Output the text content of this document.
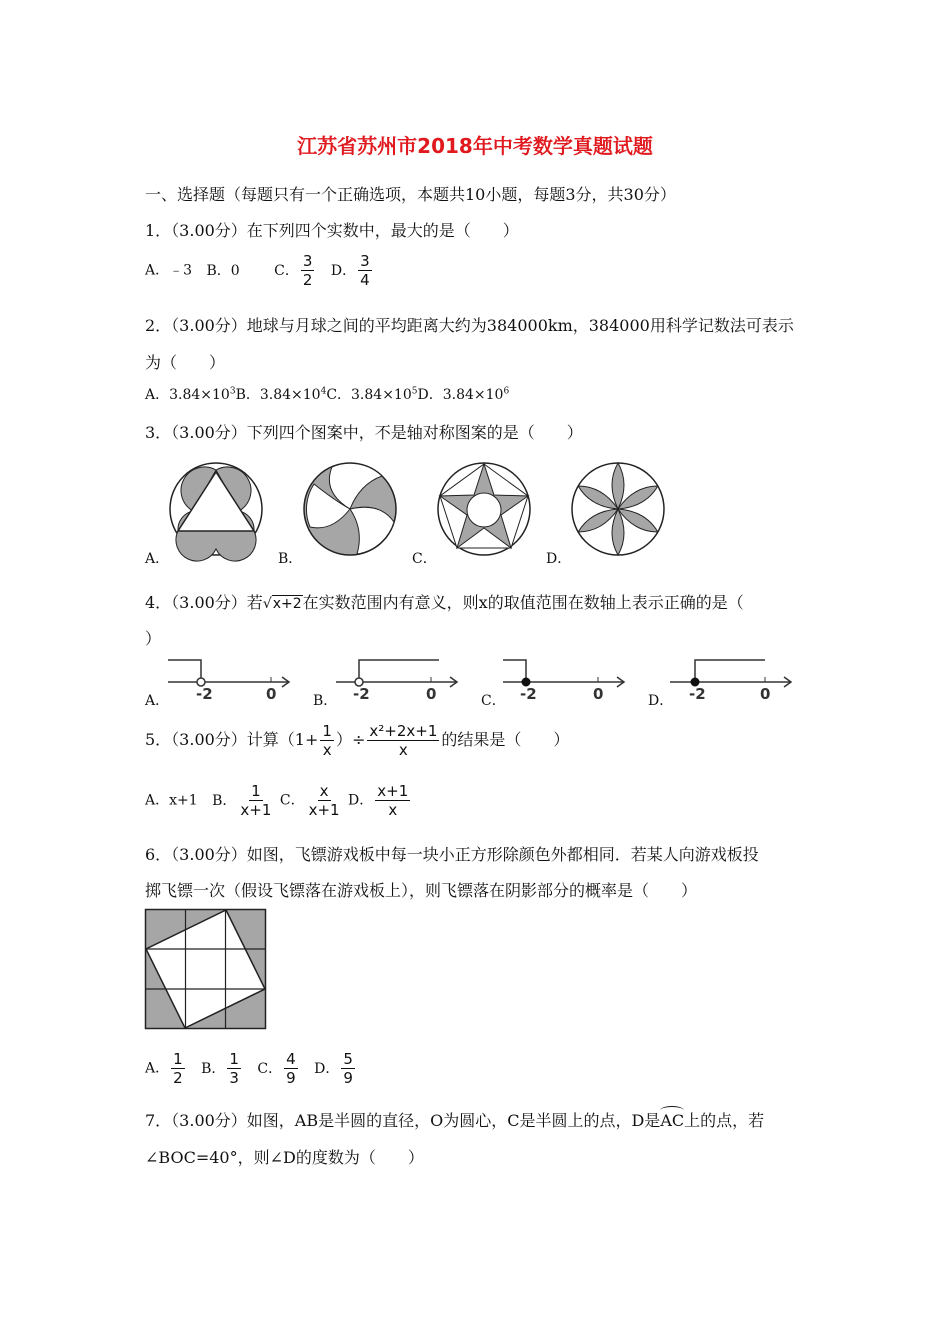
江苏省苏州市2018年中考数学真题试题
一、选择题（每题只有一个正确选项，本题共10小题，每题3分，共30分）
1．（3.00分）在下列四个实数中，最大的是（　　）
A．﹣3 B．0 C． $\frac{3}{2}$ D． $\frac{3}{4}$
2．（3.00分）地球与月球之间的平均距离大约为384000km，384000用科学记数法可表示
为（　　）
A．$3.84\times 10^3B$．$3.84\times 10^4C$．$3.84\times 10^5D$．$3.84\times 10^6$
3．（3.00分）下列四个图案中，不是轴对称图案的是（　　）
A．	B．	C．	D．
4．（3.00分）若√x+2在实数范围内有意义，则x的取值范围在数轴上表示正确的是（
）
A． -2	0	B． -2	0	C． -2	0	D． -2	0
5．（3.00分）计算（$1+ \frac{1}{x}$ ）÷ $\frac{\text{x²+2x+1}}{x}$ 的结果是（　　）
A．x+1 B． $\frac{1}{x+1}$ C． $\frac{x}{x+1}$ D． $\frac{x+1}{x}$
6．（3.00分）如图，飞镖游戏板中每一块小正方形除颜色外都相同．若某人向游戏板投
掷飞镖一次（假设飞镖落在游戏板上），则飞镖落在阴影部分的概率是（　　）
A． $\frac{1}{2}$ B． $\frac{1}{3}$ C． $\frac{4}{9}$ D． $\frac{5}{9}$
7．（3.00分）如图，AB是半圆的直径，O为圆心，C是半圆上的点，D是AC上的点，若
∠BOC=40°，则∠D的度数为（　　）
